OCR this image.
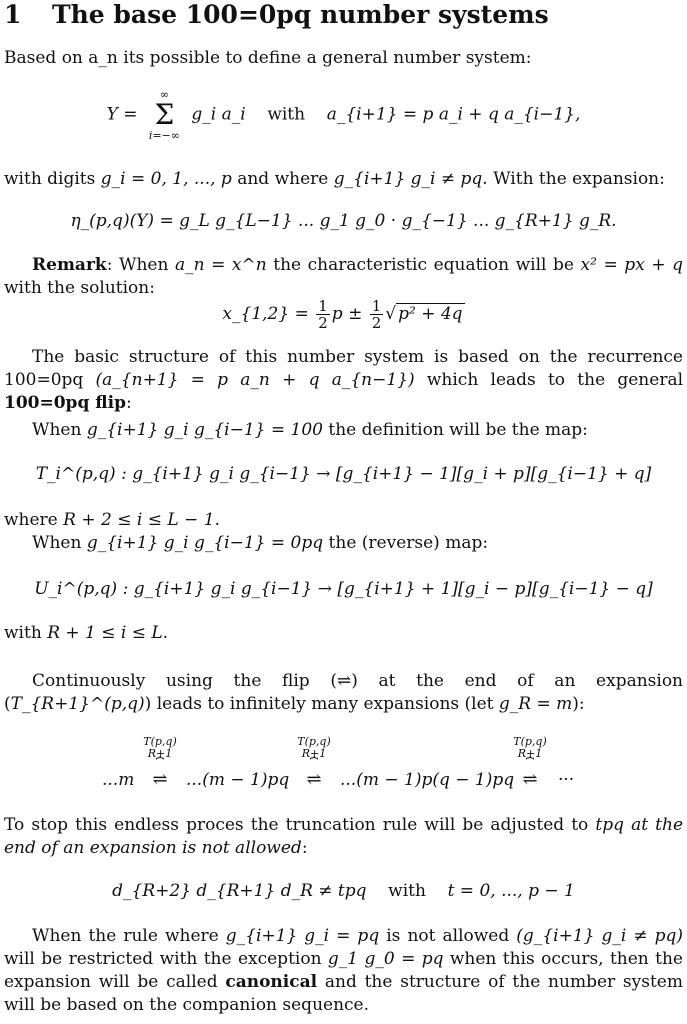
1 The base 100=0pq number systems
Based on a_n its possible to define a general number system:
Y =
∞
Σ
i=−∞
g_i a_i with a_{i+1} = p a_i + q a_{i−1},
with digits g_i = 0, 1, ..., p and where g_{i+1} g_i ≠ pq. With the expansion:
η_(p,q)(Y) = g_L g_{L−1} ... g_1 g_0 · g_{−1} ... g_{R+1} g_R.
Remark: When a_n = x^n the characteristic equation will be x² = px + q with the solution:
x_{1,2} = $\frac{1}{2}$ $p \pm \frac{1}{2}$ √ p² + 4q
The basic structure of this number system is based on the recurrence 100=0pq (a_{n+1} = p a_n + q a_{n−1}) which leads to the general 100=0pq flip:
When g_{i+1} g_i g_{i−1} = 100 the definition will be the map:
T_i^(p,q) : g_{i+1} g_i g_{i−1} → [g_{i+1} − 1][g_i + p][g_{i−1} + q]
where R + 2 ≤ i ≤ L − 1.
When g_{i+1} g_i g_{i−1} = 0pq the (reverse) map:
U_i^(p,q) : g_{i+1} g_i g_{i−1} → [g_{i+1} + 1][g_i − p][g_{i−1} − q]
with R + 1 ≤ i ≤ L.
Continuously using the flip (⇌) at the end of an expansion (T_{R+1}^(p,q)) leads to infinitely many expansions (let g_R = m):
...m
T(p,q) R+1
⏞
⇌	...(m − 1)pq
T(p,q) R+1
⏞
⇌	...(m − 1)p(q − 1)pq
T(p,q) R+1
⏞
⇌	···
To stop this endless proces the truncation rule will be adjusted to tpq at the end of an expansion is not allowed:
d_{R+2} d_{R+1} d_R ≠ tpq with t = 0, ..., p − 1
When the rule where g_{i+1} g_i = pq is not allowed (g_{i+1} g_i ≠ pq) will be restricted with the exception g_1 g_0 = pq when this occurs, then the expansion will be called canonical and the structure of the number system will be based on the companion sequence.
